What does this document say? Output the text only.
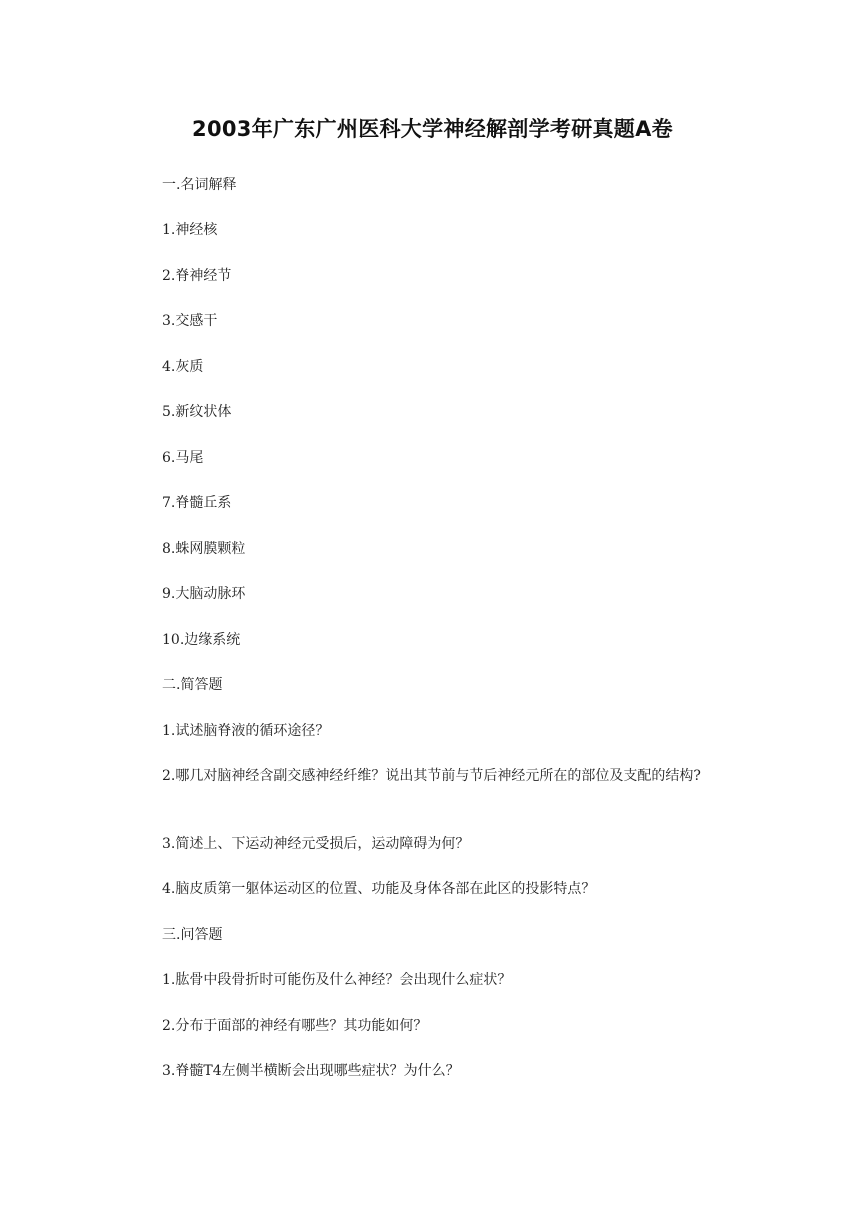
2003年广东广州医科大学神经解剖学考研真题A卷
一.名词解释
1.神经核
2.脊神经节
3.交感干
4.灰质
5.新纹状体
6.马尾
7.脊髓丘系
8.蛛网膜颗粒
9.大脑动脉环
10.边缘系统
二.简答题
1.试述脑脊液的循环途径？
2.哪几对脑神经含副交感神经纤维？说出其节前与节后神经元所在的部位及支配的结构?
3.简述上、下运动神经元受损后，运动障碍为何？
4.脑皮质第一躯体运动区的位置、功能及身体各部在此区的投影特点？
三.问答题
1.肱骨中段骨折时可能伤及什么神经？会出现什么症状？
2.分布于面部的神经有哪些？其功能如何？
3.脊髓T4左侧半横断会出现哪些症状？为什么？
